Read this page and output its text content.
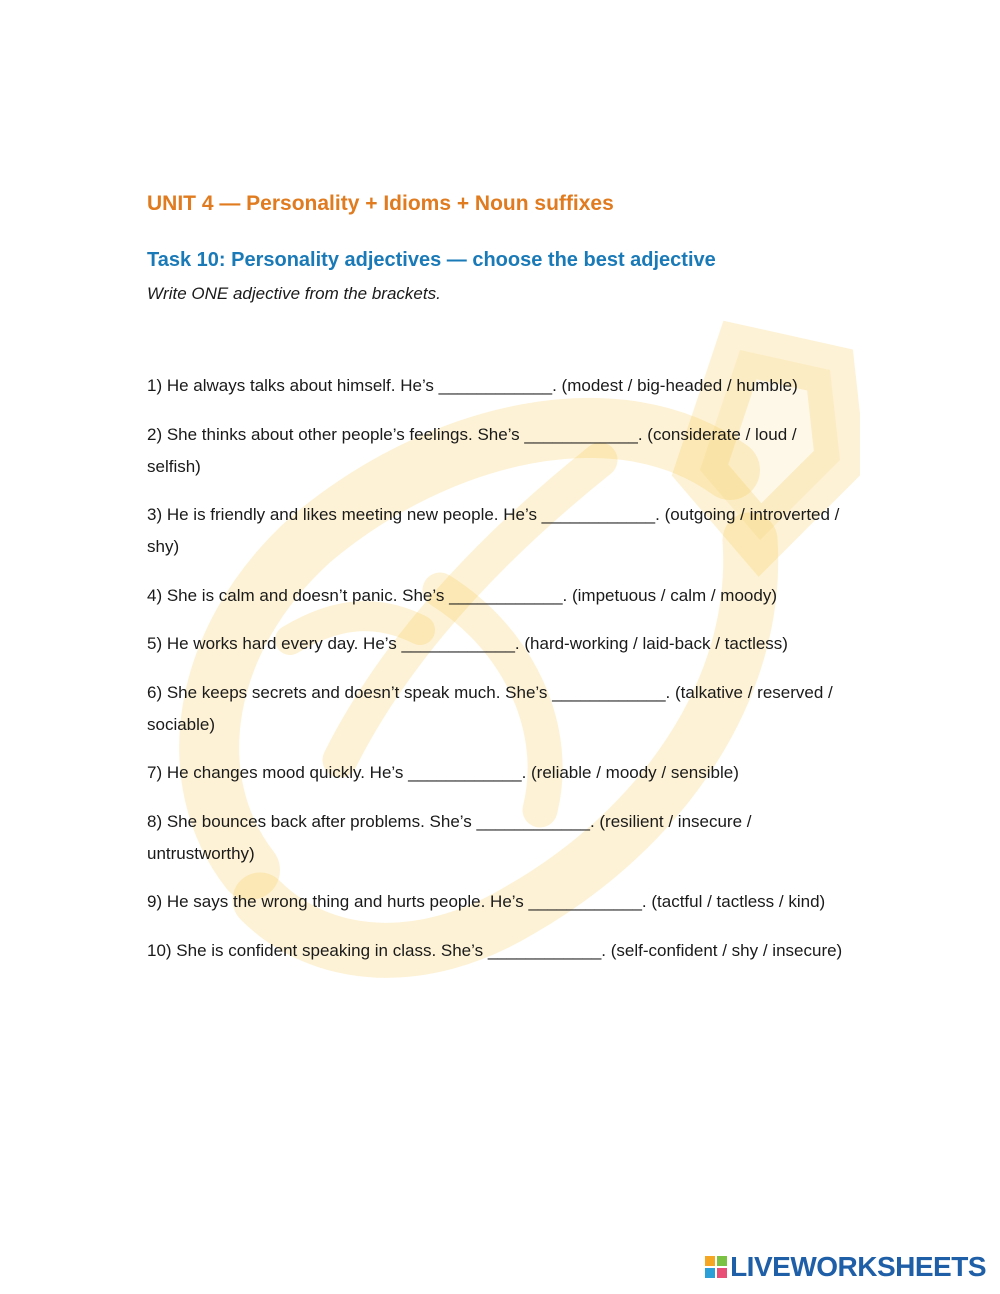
UNIT 4 — Personality + Idioms + Noun suffixes
Task 10: Personality adjectives — choose the best adjective

Write ONE adjective from the brackets.

1) He always talks about himself. He’s ____________. (modest / big-headed / humble)
2) She thinks about other people’s feelings. She’s ____________. (considerate / loud / selfish)
3) He is friendly and likes meeting new people. He’s ____________. (outgoing / introverted / shy)
4) She is calm and doesn’t panic. She’s ____________. (impetuous / calm / moody)
5) He works hard every day. He’s ____________. (hard-working / laid-back / tactless)
6) She keeps secrets and doesn’t speak much. She’s ____________. (talkative / reserved / sociable)
7) He changes mood quickly. He’s ____________. (reliable / moody / sensible)
8) She bounces back after problems. She’s ____________. (resilient / insecure / untrustworthy)
9) He says the wrong thing and hurts people. He’s ____________. (tactful / tactless / kind)
10) She is confident speaking in class. She’s ____________. (self-confident / shy / insecure)
LIVEWORKSHEETS
